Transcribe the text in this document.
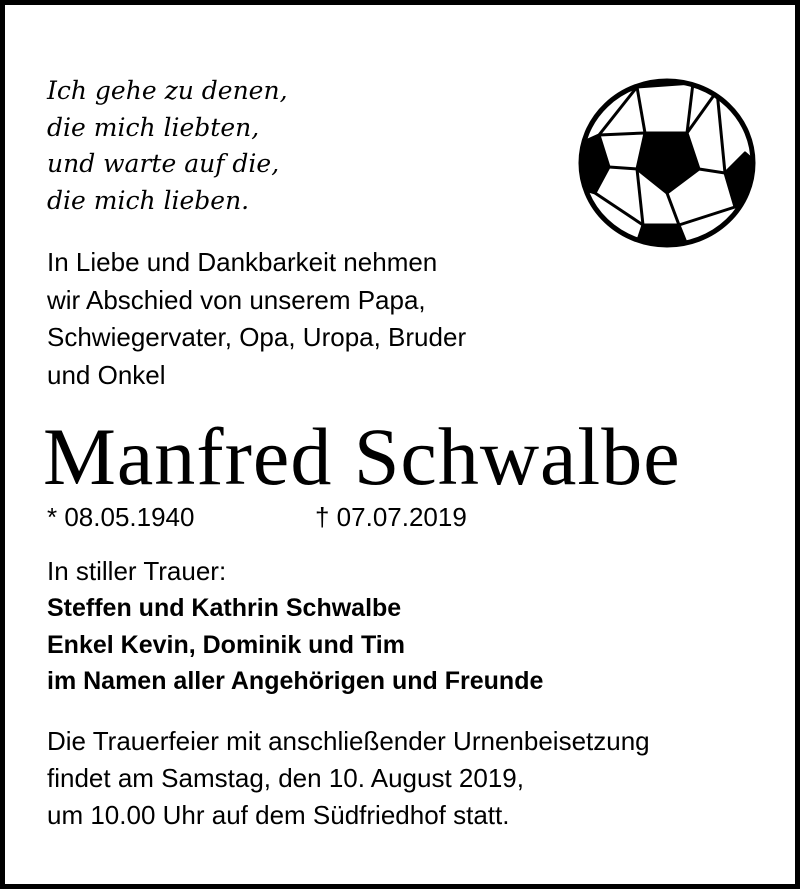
Ich gehe zu denen,
die mich liebten,
und warte auf die,
die mich lieben.
In Liebe und Dankbarkeit nehmen
wir Abschied von unserem Papa,
Schwiegervater, Opa, Uropa, Bruder
und Onkel
Manfred Schwalbe
* 08.05.1940	† 07.07.2019
In stiller Trauer:
Steffen und Kathrin Schwalbe
Enkel Kevin, Dominik und Tim
im Namen aller Angehörigen und Freunde
Die Trauerfeier mit anschließender Urnenbeisetzung
findet am Samstag, den 10. August 2019,
um 10.00 Uhr auf dem Südfriedhof statt.
